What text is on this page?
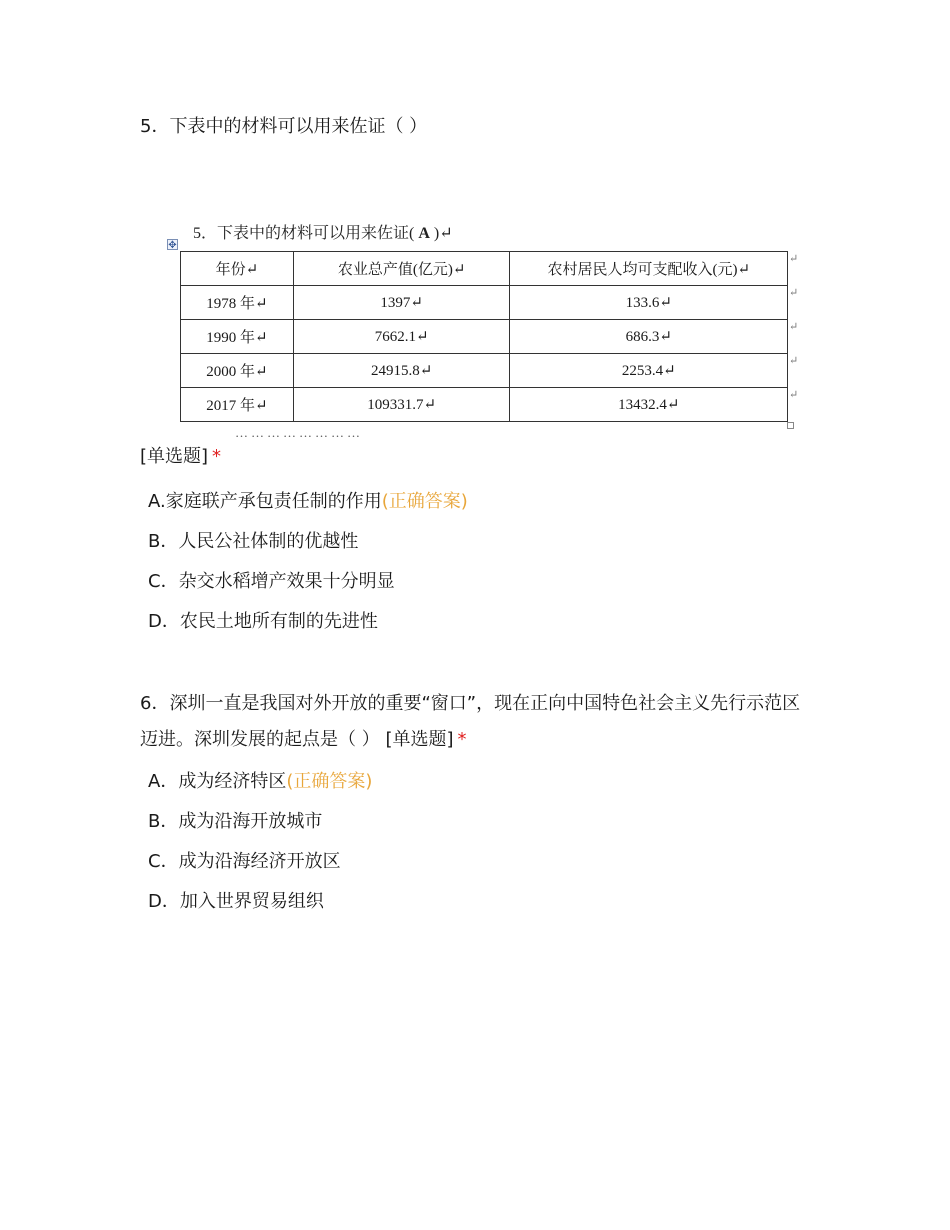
5．下表中的材料可以用来佐证（ ）
5．下表中的材料可以用来佐证( A )↵
✥
年份↵	农业总产值(亿元)↵	农村居民人均可支配收入(元)↵
1978 年↵	1397↵	133.6↵
1990 年↵	7662.1↵	686.3↵
2000 年↵	24915.8↵	2253.4↵
2017 年↵	109331.7↵	13432.4↵
↵
↵
↵
↵
↵
……………………
[单选题] *
A.家庭联产承包责任制的作用(正确答案)
B．人民公社体制的优越性
C．杂交水稻增产效果十分明显
D．农民土地所有制的先进性
6．深圳一直是我国对外开放的重要“窗口”，现在正向中国特色社会主义先行示范区迈进。深圳发展的起点是（ ） [单选题] *
A．成为经济特区(正确答案)
B．成为沿海开放城市
C．成为沿海经济开放区
D．加入世界贸易组织
